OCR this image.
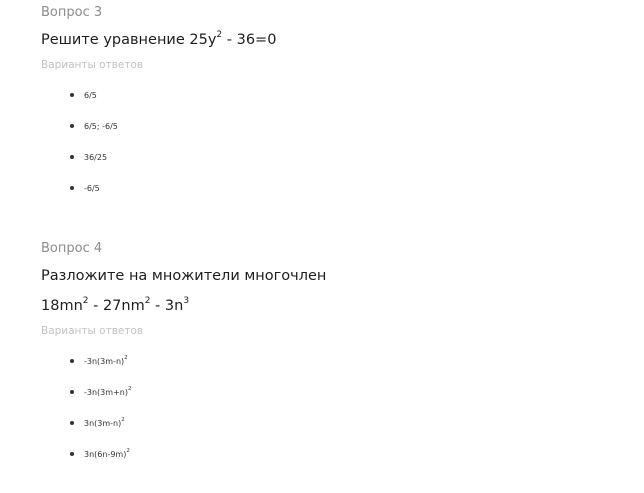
Вопрос 3
Решите уравнение $25y^2 - 36=0$
Варианты ответов
6/5
6/5; -6/5
36/25
-6/5
Вопрос 4
Разложите на множители многочлен
$18mn^2 - 27nm^2 - 3n^3$
Варианты ответов
$-3n(3m-n)^2$
$-3n(3m+n)^2$
$3n(3m-n)^2$
$3n(6n-9m)^2$
